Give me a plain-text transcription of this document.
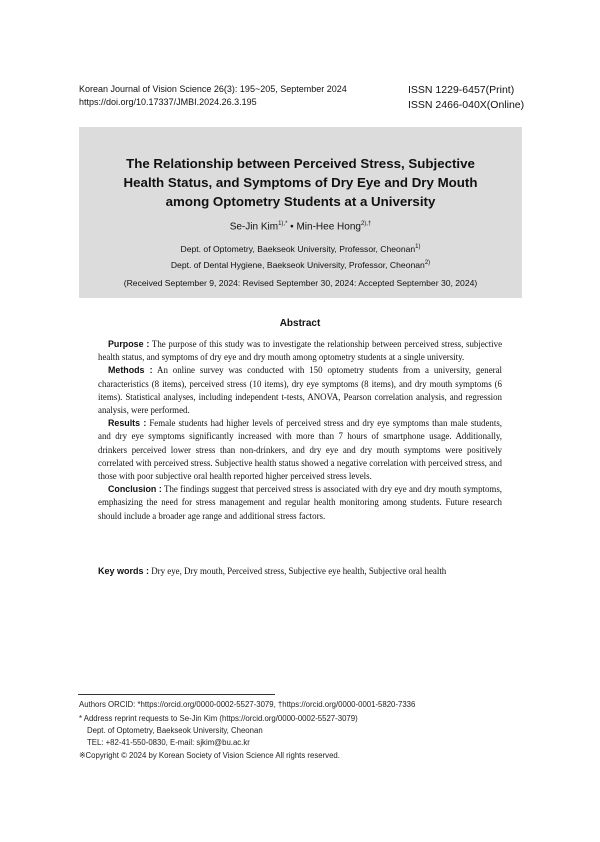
Korean Journal of Vision Science 26(3): 195~205, September 2024
https://doi.org/10.17337/JMBI.2024.26.3.195
ISSN 1229-6457(Print)
ISSN 2466-040X(Online)
The Relationship between Perceived Stress, Subjective
Health Status, and Symptoms of Dry Eye and Dry Mouth
among Optometry Students at a University
Se-Jin Kim$^{1),*}$ • Min-Hee Hong$^{2),\dagger}$
Dept. of Optometry, Baekseok University, Professor, Cheonan$^{1)}$
Dept. of Dental Hygiene, Baekseok University, Professor, Cheonan$^{2)}$
(Received September 9, 2024: Revised September 30, 2024: Accepted September 30, 2024)
Abstract

Purpose : The purpose of this study was to investigate the relationship between perceived stress, subjective health status, and symptoms of dry eye and dry mouth among optometry students at a single university.

Methods : An online survey was conducted with 150 optometry students from a university, general characteristics (8 items), perceived stress (10 items), dry eye symptoms (8 items), and dry mouth symptoms (6 items). Statistical analyses, including independent t-tests, ANOVA, Pearson correlation analysis, and regression analysis, were performed.

Results : Female students had higher levels of perceived stress and dry eye symptoms than male students, and dry eye symptoms significantly increased with more than 7 hours of smartphone usage. Additionally, drinkers perceived lower stress than non-drinkers, and dry eye and dry mouth symptoms were positively correlated with perceived stress. Subjective health status showed a negative correlation with perceived stress, and those with poor subjective oral health reported higher perceived stress levels.

Conclusion : The findings suggest that perceived stress is associated with dry eye and dry mouth symptoms, emphasizing the need for stress management and regular health monitoring among students. Future research should include a broader age range and additional stress factors.

Key words : Dry eye, Dry mouth, Perceived stress, Subjective eye health, Subjective oral health
Authors ORCID: *https://orcid.org/0000-0002-5527-3079, †https://orcid.org/0000-0001-5820-7336
* Address reprint requests to Se-Jin Kim (https://orcid.org/0000-0002-5527-3079)
Dept. of Optometry, Baekseok University, Cheonan
TEL: +82-41-550-0830, E-mail: sjkim@bu.ac.kr
※Copyright © 2024 by Korean Society of Vision Science All rights reserved.
